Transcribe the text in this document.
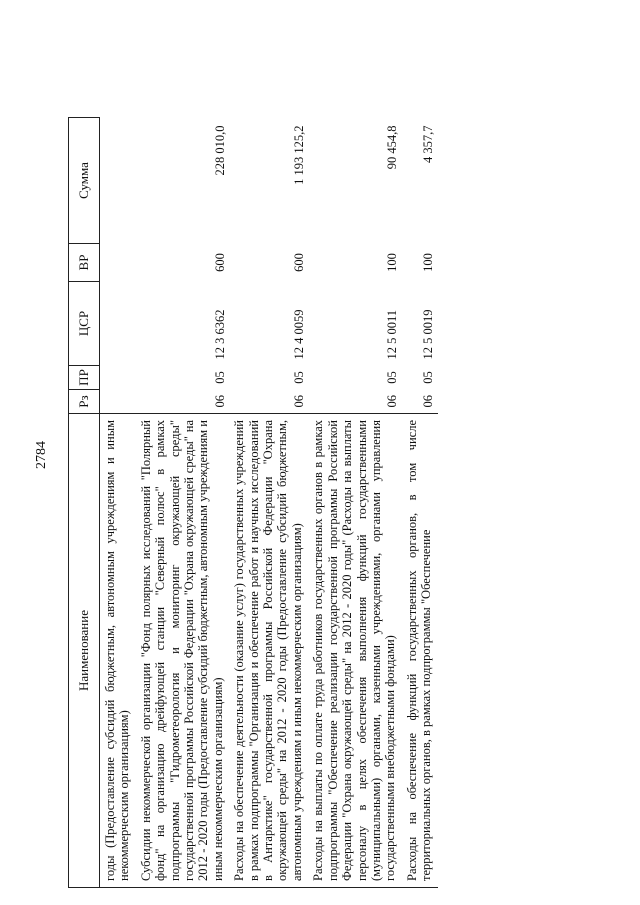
2784
Наименование	Рз	ПР	ЦСР	ВР	Сумма
годы (Предоставление субсидий бюджетным, автономным учреждениям и иным некоммерческим организациям)					
Субсидии некоммерческой организации "Фонд полярных исследований "Полярный фонд" на организацию дрейфующей станции "Северный полюс" в рамках подпрограммы "Гидрометеорология и мониторинг окружающей среды" государственной программы Российской Федерации "Охрана окружающей среды" на 2012 - 2020 годы (Предоставление субсидий бюджетным, автономным учреждениям и иным некоммерческим организациям)	06	05	12 3 6362	600	228 010,0
Расходы на обеспечение деятельности (оказание услуг) государственных учреждений в рамках подпрограммы "Организация и обеспечение работ и научных исследований в Антарктике" государственной программы Российской Федерации "Охрана окружающей среды" на 2012 - 2020 годы (Предоставление субсидий бюджетным, автономным учреждениям и иным некоммерческим организациям)	06	05	12 4 0059	600	1 193 125,2
Расходы на выплаты по оплате труда работников государственных органов в рамках подпрограммы "Обеспечение реализации государственной программы Российской Федерации "Охрана окружающей среды" на 2012 - 2020 годы" (Расходы на выплаты персоналу в целях обеспечения выполнения функций государственными (муниципальными) органами, казенными учреждениями, органами управления государственными внебюджетными фондами)	06	05	12 5 0011	100	90 454,8
Расходы на обеспечение функций государственных органов, в том числе территориальных органов, в рамках подпрограммы "Обеспечение	06	05	12 5 0019	100	4 357,7
